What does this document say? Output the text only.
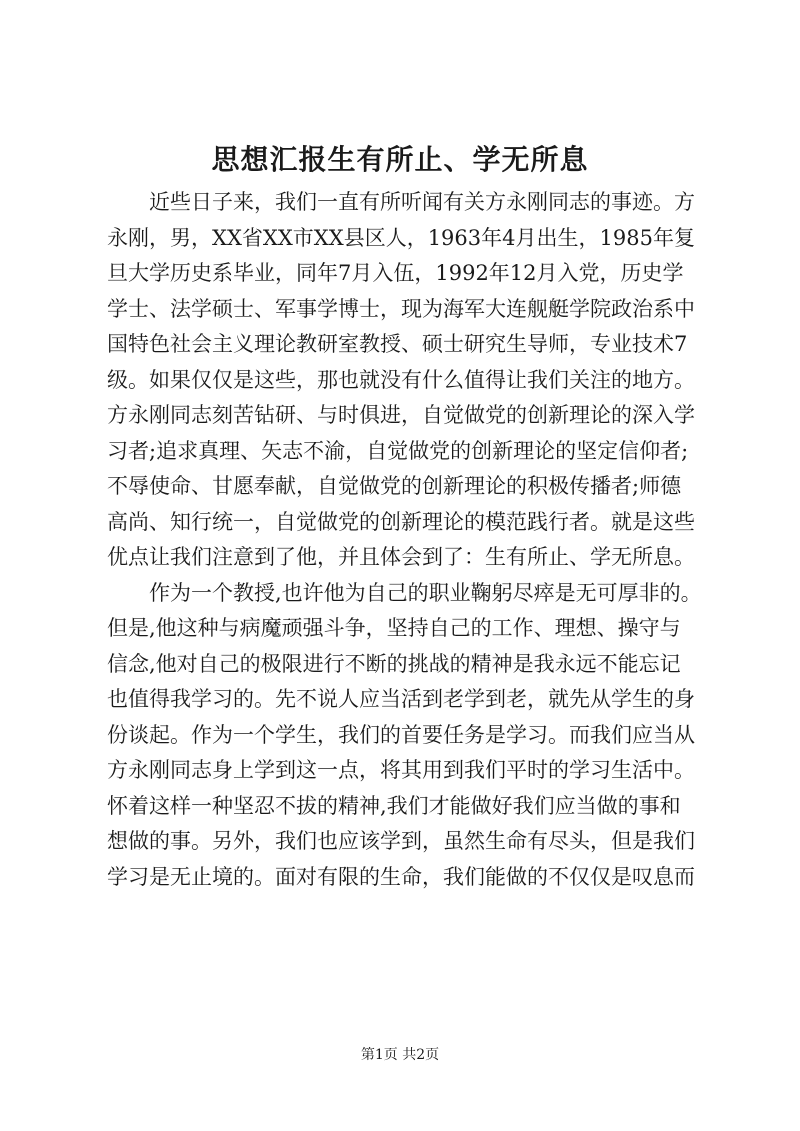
思想汇报生有所止、学无所息
　　近些日子来，我们一直有所听闻有关方永刚同志的事迹。方
永刚，男，XX省XX市XX县区人，1963年4月出生，1985年复
旦大学历史系毕业，同年7月入伍，1992年12月入党，历史学
学士、法学硕士、军事学博士，现为海军大连舰艇学院政治系中
国特色社会主义理论教研室教授、硕士研究生导师，专业技术7
级。如果仅仅是这些，那也就没有什么值得让我们关注的地方。
方永刚同志刻苦钻研、与时俱进，自觉做党的创新理论的深入学
习者;追求真理、矢志不渝，自觉做党的创新理论的坚定信仰者;
不辱使命、甘愿奉献，自觉做党的创新理论的积极传播者;师德
高尚、知行统一，自觉做党的创新理论的模范践行者。就是这些
优点让我们注意到了他，并且体会到了：生有所止、学无所息。
　　作为一个教授,也许他为自己的职业鞠躬尽瘁是无可厚非的。
但是,他这种与病魔顽强斗争，坚持自己的工作、理想、操守与
信念,他对自己的极限进行不断的挑战的精神是我永远不能忘记
也值得我学习的。先不说人应当活到老学到老，就先从学生的身
份谈起。作为一个学生，我们的首要任务是学习。而我们应当从
方永刚同志身上学到这一点，将其用到我们平时的学习生活中。
怀着这样一种坚忍不拔的精神,我们才能做好我们应当做的事和
想做的事。另外，我们也应该学到，虽然生命有尽头，但是我们
学习是无止境的。面对有限的生命，我们能做的不仅仅是叹息而
第1页 共2页
